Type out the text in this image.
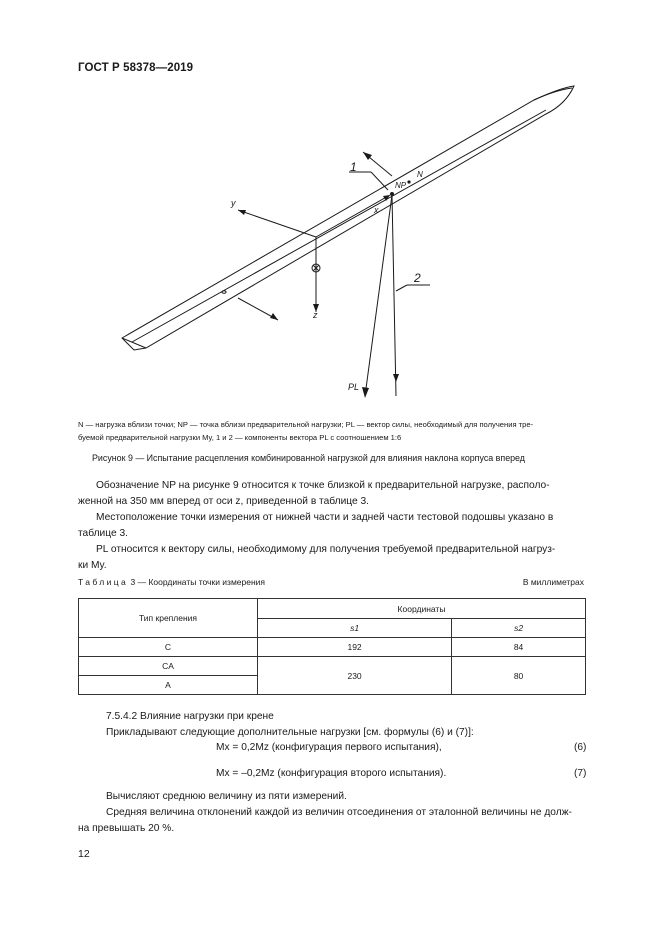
ГОСТ Р 58378—2019
y
x
z
NP
N
PL
1
2
N — нагрузка вблизи точки; NP — точка вблизи предварительной нагрузки; PL — вектор силы, необходимый для получения тре-
буемой предварительной нагрузки My, 1 и 2 — компоненты вектора PL с соотношением 1:6
Рисунок 9 — Испытание расцепления комбинированной нагрузкой для влияния наклона корпуса вперед
Обозначение NP на рисунке 9 относится к точке близкой к предварительной нагрузке, располо-
женной на 350 мм вперед от оси z, приведенной в таблице 3.
Местоположение точки измерения от нижней части и задней части тестовой подошвы указано в
таблице 3.
PL относится к вектору силы, необходимому для получения требуемой предварительной нагруз-
ки My.
Таблица 3 — Координаты точки измерения	В миллиметрах
Тип крепления	Координаты	
	s1	s2
C	192	84
CA	230	80
A		
7.5.4.2 Влияние нагрузки при крене
Прикладывают следующие дополнительные нагрузки [см. формулы (6) и (7)]:
Mx = 0,2Mz (конфигурация первого испытания),	(6)
Mx = –0,2Mz (конфигурация второго испытания).	(7)
Вычисляют среднюю величину из пяти измерений.
Средняя величина отклонений каждой из величин отсоединения от эталонной величины не долж-
на превышать 20 %.
12
